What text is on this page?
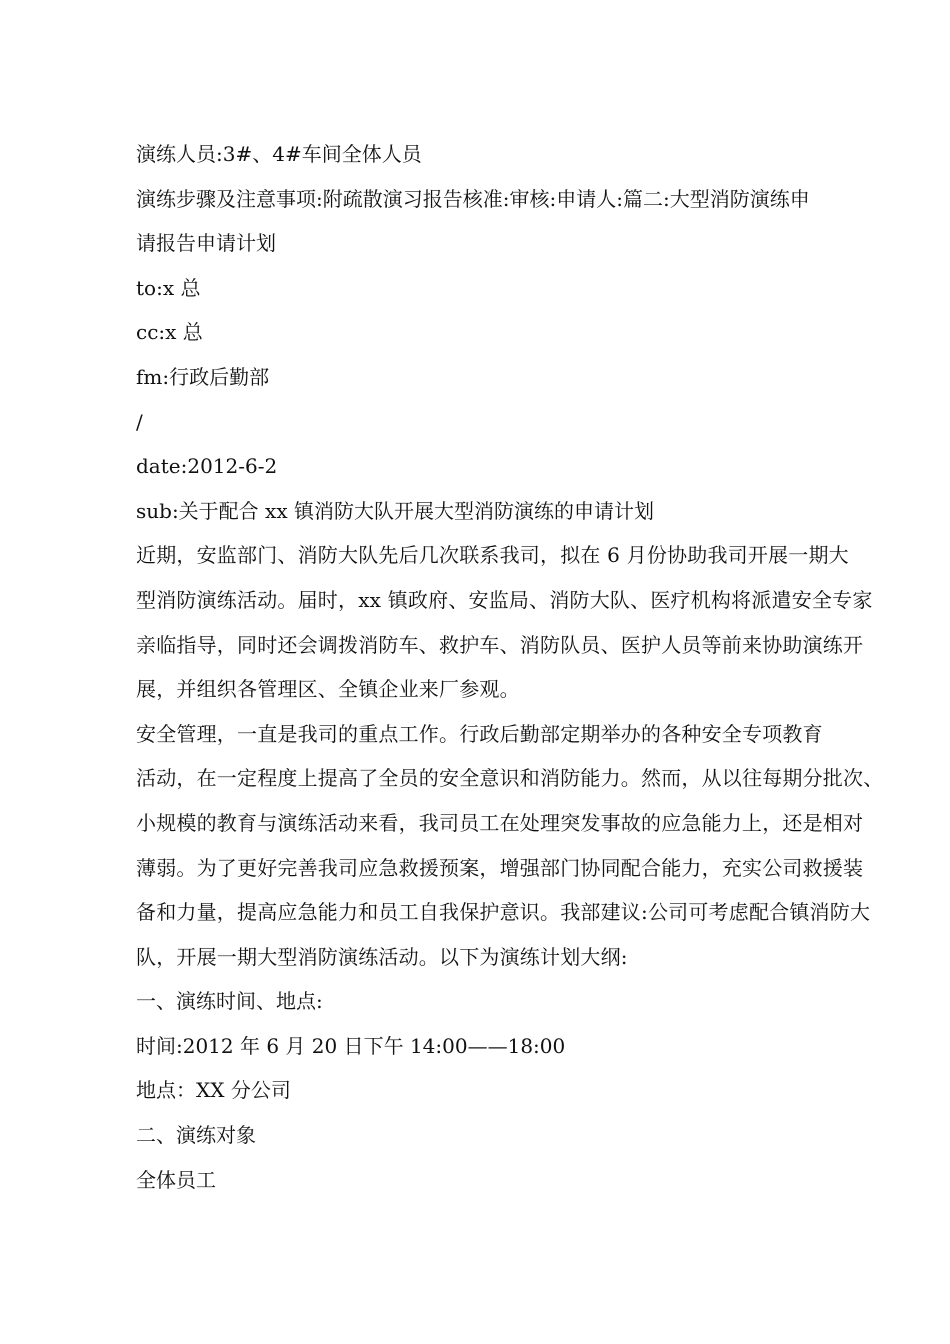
演练人员:3#、4#车间全体人员
演练步骤及注意事项:附疏散演习报告核准:审核:申请人:篇二:大型消防演练申
请报告申请计划
to:x 总
cc:x 总
fm:行政后勤部
/
date:2012-6-2
sub:关于配合 xx 镇消防大队开展大型消防演练的申请计划
近期，安监部门、消防大队先后几次联系我司，拟在 6 月份协助我司开展一期大
型消防演练活动。届时，xx 镇政府、安监局、消防大队、医疗机构将派遣安全专家
亲临指导，同时还会调拨消防车、救护车、消防队员、医护人员等前来协助演练开
展，并组织各管理区、全镇企业来厂参观。
安全管理，一直是我司的重点工作。行政后勤部定期举办的各种安全专项教育
活动，在一定程度上提高了全员的安全意识和消防能力。然而，从以往每期分批次、
小规模的教育与演练活动来看，我司员工在处理突发事故的应急能力上，还是相对
薄弱。为了更好完善我司应急救援预案，增强部门协同配合能力，充实公司救援装
备和力量，提高应急能力和员工自我保护意识。我部建议:公司可考虑配合镇消防大
队，开展一期大型消防演练活动。以下为演练计划大纲:
一、演练时间、地点:
时间:2012 年 6 月 20 日下午 14:00——18:00
地点：XX 分公司
二、演练对象
全体员工
